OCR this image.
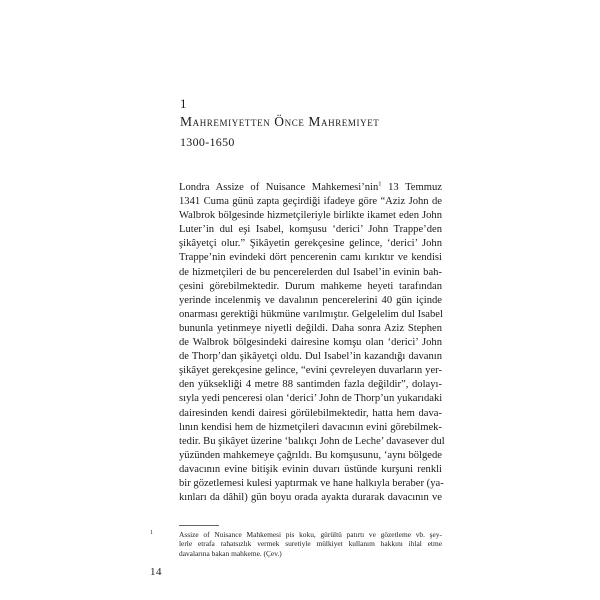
1

Mahremiyetten Önce Mahremiyet

1300-1650

Londra Assize of Nuisance Mahkemesi’nin$^1$ 13 Temmuz
1341 Cuma günü zapta geçirdiği ifadeye göre “Aziz John de
Walbrok bölgesinde hizmetçileriyle birlikte ikamet eden John
Luter’in dul eşi Isabel, komşusu ‘derici’ John Trappe’den
şikâyetçi olur.” Şikâyetin gerekçesine gelince, ‘derici’ John
Trappe’nin evindeki dört pencerenin camı kırıktır ve kendisi
de hizmetçileri de bu pencerelerden dul Isabel’in evinin bah-
çesini görebilmektedir. Durum mahkeme heyeti tarafından
yerinde incelenmiş ve davalının pencerelerini 40 gün içinde
onarması gerektiği hükmüne varılmıştır. Gelgelelim dul Isabel
bununla yetinmeye niyetli değildi. Daha sonra Aziz Stephen
de Walbrok bölgesindeki dairesine komşu olan ‘derici’ John
de Thorp’dan şikâyetçi oldu. Dul Isabel’in kazandığı davanın
şikâyet gerekçesine gelince, “evini çevreleyen duvarların yer-
den yüksekliği 4 metre 88 santimden fazla değildir”, dolayı-
sıyla yedi penceresi olan ‘derici’ John de Thorp’un yukarıdaki
dairesinden kendi dairesi görülebilmektedir, hatta hem dava-
lının kendisi hem de hizmetçileri davacının evini görebilmek-
tedir. Bu şikâyet üzerine ‘balıkçı John de Leche’ davasever dul
yüzünden mahkemeye çağrıldı. Bu komşusunu, ‘aynı bölgede
davacının evine bitişik evinin duvarı üstünde kurşuni renkli
bir gözetlemesi kulesi yaptırmak ve hane halkıyla beraber (ya-
kınları da dâhil) gün boyu orada ayakta durarak davacının ve
1	Assize of Nuisance Mahkemesi pis koku, gürültü patırtı ve gözetleme vb. şey-
lerle etrafa rahatsızlık vermek suretiyle mülkiyet kullanım hakkını ihlal etme
davalarına bakan mahkeme. (Çev.)
14
